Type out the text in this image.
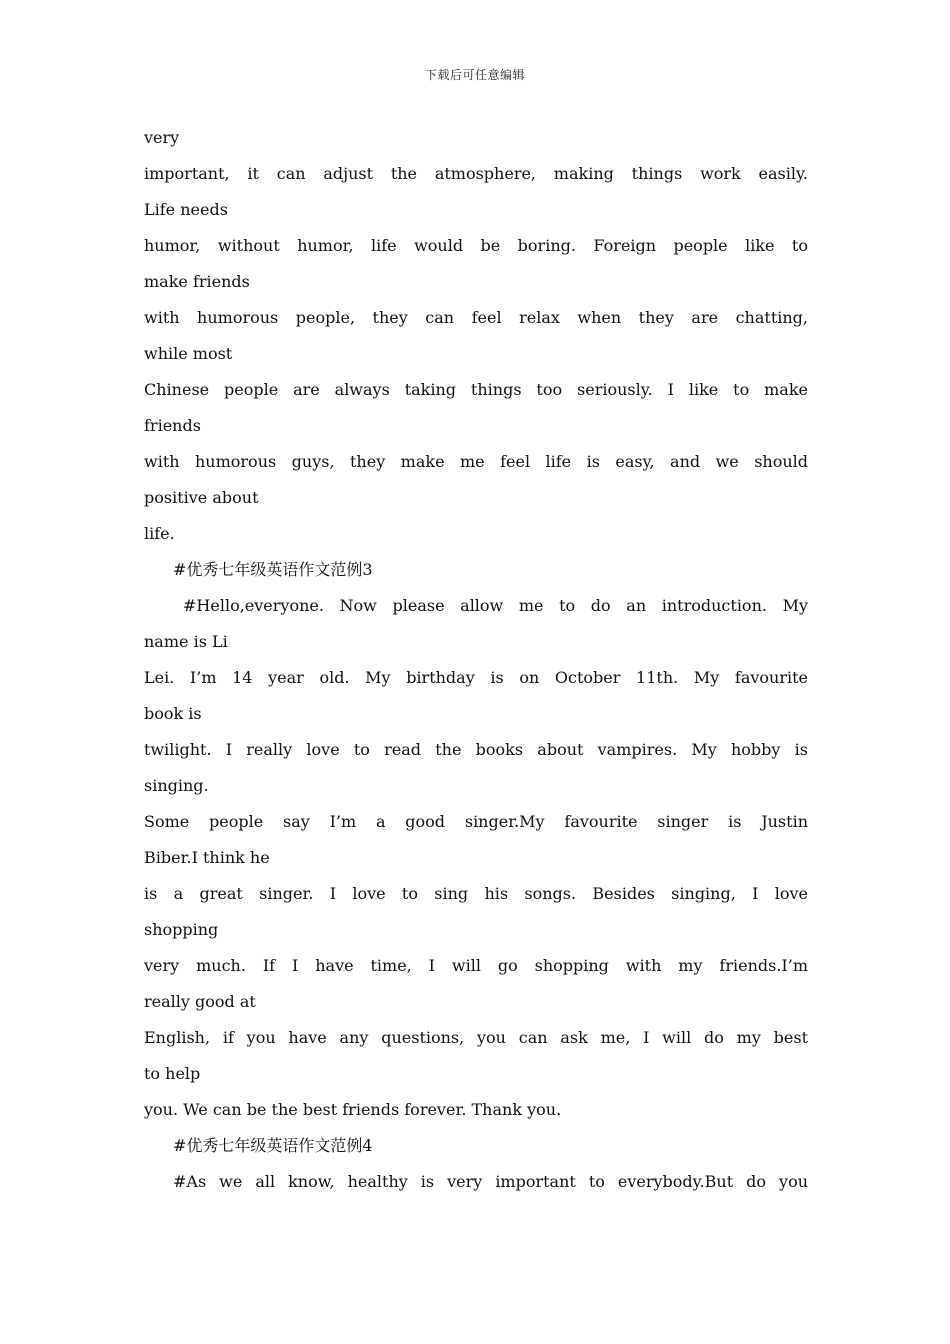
下载后可任意编辑
very
important, it can adjust the atmosphere, making things work easily.
Life needs
humor, without humor, life would be boring. Foreign people like to
make friends
with humorous people, they can feel relax when they are chatting,
while most
Chinese people are always taking things too seriously. I like to make
friends
with humorous guys, they make me feel life is easy, and we should
positive about
life.
#优秀七年级英语作文范例3
#Hello,everyone. Now please allow me to do an introduction. My
name is Li
Lei. I’m 14 year old. My birthday is on October 11th. My favourite
book is
twilight. I really love to read the books about vampires. My hobby is
singing.
Some people say I’m a good singer.My favourite singer is Justin
Biber.I think he
is a great singer. I love to sing his songs. Besides singing, I love
shopping
very much. If I have time, I will go shopping with my friends.I’m
really good at
English, if you have any questions, you can ask me, I will do my best
to help
you. We can be the best friends forever. Thank you.
#优秀七年级英语作文范例4
#As we all know, healthy is very important to everybody.But do you
